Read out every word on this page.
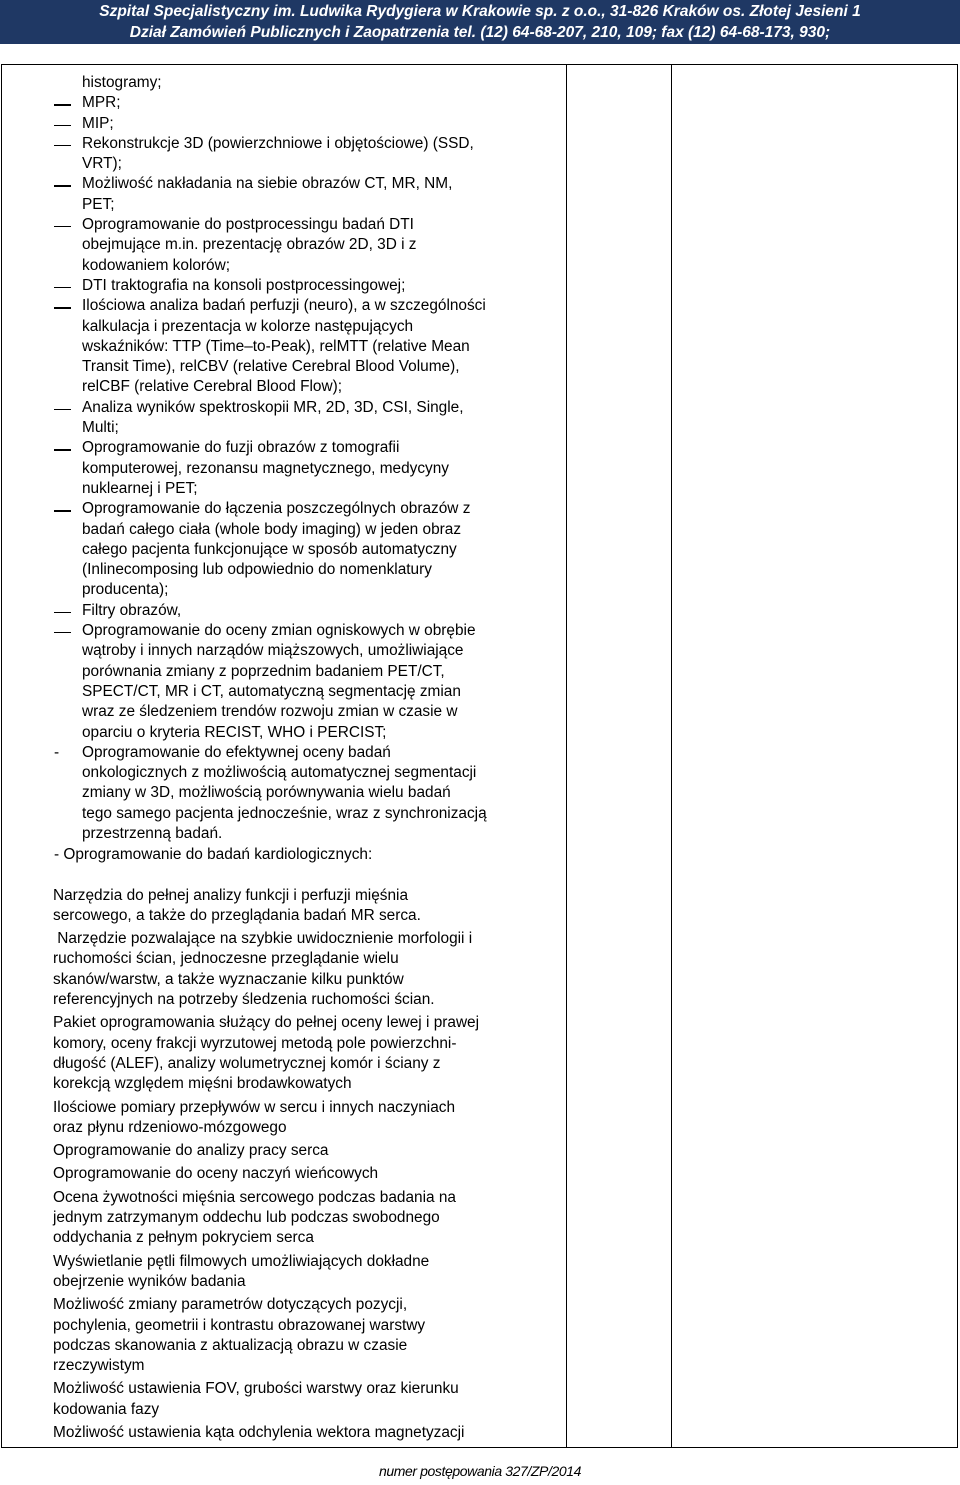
Szpital Specjalistyczny im. Ludwika Rydygiera w Krakowie sp. z o.o., 31-826 Kraków os. Złotej Jesieni 1
Dział Zamówień Publicznych i Zaopatrzenia tel. (12) 64-68-207, 210, 109; fax (12) 64-68-173, 930;
histogramy;
MPR;
MIP;
Rekonstrukcje 3D (powierzchniowe i objętościowe) (SSD,
VRT);
Możliwość nakładania na siebie obrazów CT, MR, NM,
PET;
Oprogramowanie do postprocessingu badań DTI
obejmujące m.in. prezentację obrazów 2D, 3D i z
kodowaniem kolorów;
DTI traktografia na konsoli postprocessingowej;
Ilościowa analiza badań perfuzji (neuro), a w szczególności
kalkulacja i prezentacja w kolorze następujących
wskaźników: TTP (Time–to-Peak), relMTT (relative Mean
Transit Time), relCBV (relative Cerebral Blood Volume),
relCBF (relative Cerebral Blood Flow);
Analiza wyników spektroskopii MR, 2D, 3D, CSI, Single,
Multi;
Oprogramowanie do fuzji obrazów z tomografii
komputerowej, rezonansu magnetycznego, medycyny
nuklearnej i PET;
Oprogramowanie do łączenia poszczególnych obrazów z
badań całego ciała (whole body imaging) w jeden obraz
całego pacjenta funkcjonujące w sposób automatyczny
(Inlinecomposing lub odpowiednio do nomenklatury
producenta);
Filtry obrazów,
Oprogramowanie do oceny zmian ogniskowych w obrębie
wątroby i innych narządów miąższowych, umożliwiające
porównania zmiany z poprzednim badaniem PET/CT,
SPECT/CT, MR i CT, automatyczną segmentację zmian
wraz ze śledzeniem trendów rozwoju zmian w czasie w
oparciu o kryteria RECIST, WHO i PERCIST;
- Oprogramowanie do efektywnej oceny badań
onkologicznych z możliwością automatycznej segmentacji
zmiany w 3D, możliwością porównywania wielu badań
tego samego pacjenta jednocześnie, wraz z synchronizacją
przestrzenną badań.
- Oprogramowanie do badań kardiologicznych:
Narzędzia do pełnej analizy funkcji i perfuzji mięśnia
sercowego, a także do przeglądania badań MR serca.
Narzędzie pozwalające na szybkie uwidocznienie morfologii i
ruchomości ścian, jednoczesne przeglądanie wielu
skanów/warstw, a także wyznaczanie kilku punktów
referencyjnych na potrzeby śledzenia ruchomości ścian.
Pakiet oprogramowania służący do pełnej oceny lewej i prawej
komory, oceny frakcji wyrzutowej metodą pole powierzchni-
długość (ALEF), analizy wolumetrycznej komór i ściany z
korekcją względem mięśni brodawkowatych
Ilościowe pomiary przepływów w sercu i innych naczyniach
oraz płynu rdzeniowo-mózgowego
Oprogramowanie do analizy pracy serca
Oprogramowanie do oceny naczyń wieńcowych
Ocena żywotności mięśnia sercowego podczas badania na
jednym zatrzymanym oddechu lub podczas swobodnego
oddychania z pełnym pokryciem serca
Wyświetlanie pętli filmowych umożliwiających dokładne
obejrzenie wyników badania
Możliwość zmiany parametrów dotyczących pozycji,
pochylenia, geometrii i kontrastu obrazowanej warstwy
podczas skanowania z aktualizacją obrazu w czasie
rzeczywistym
Możliwość ustawienia FOV, grubości warstwy oraz kierunku
kodowania fazy
Możliwość ustawienia kąta odchylenia wektora magnetyzacji

numer postępowania 327/ZP/2014
